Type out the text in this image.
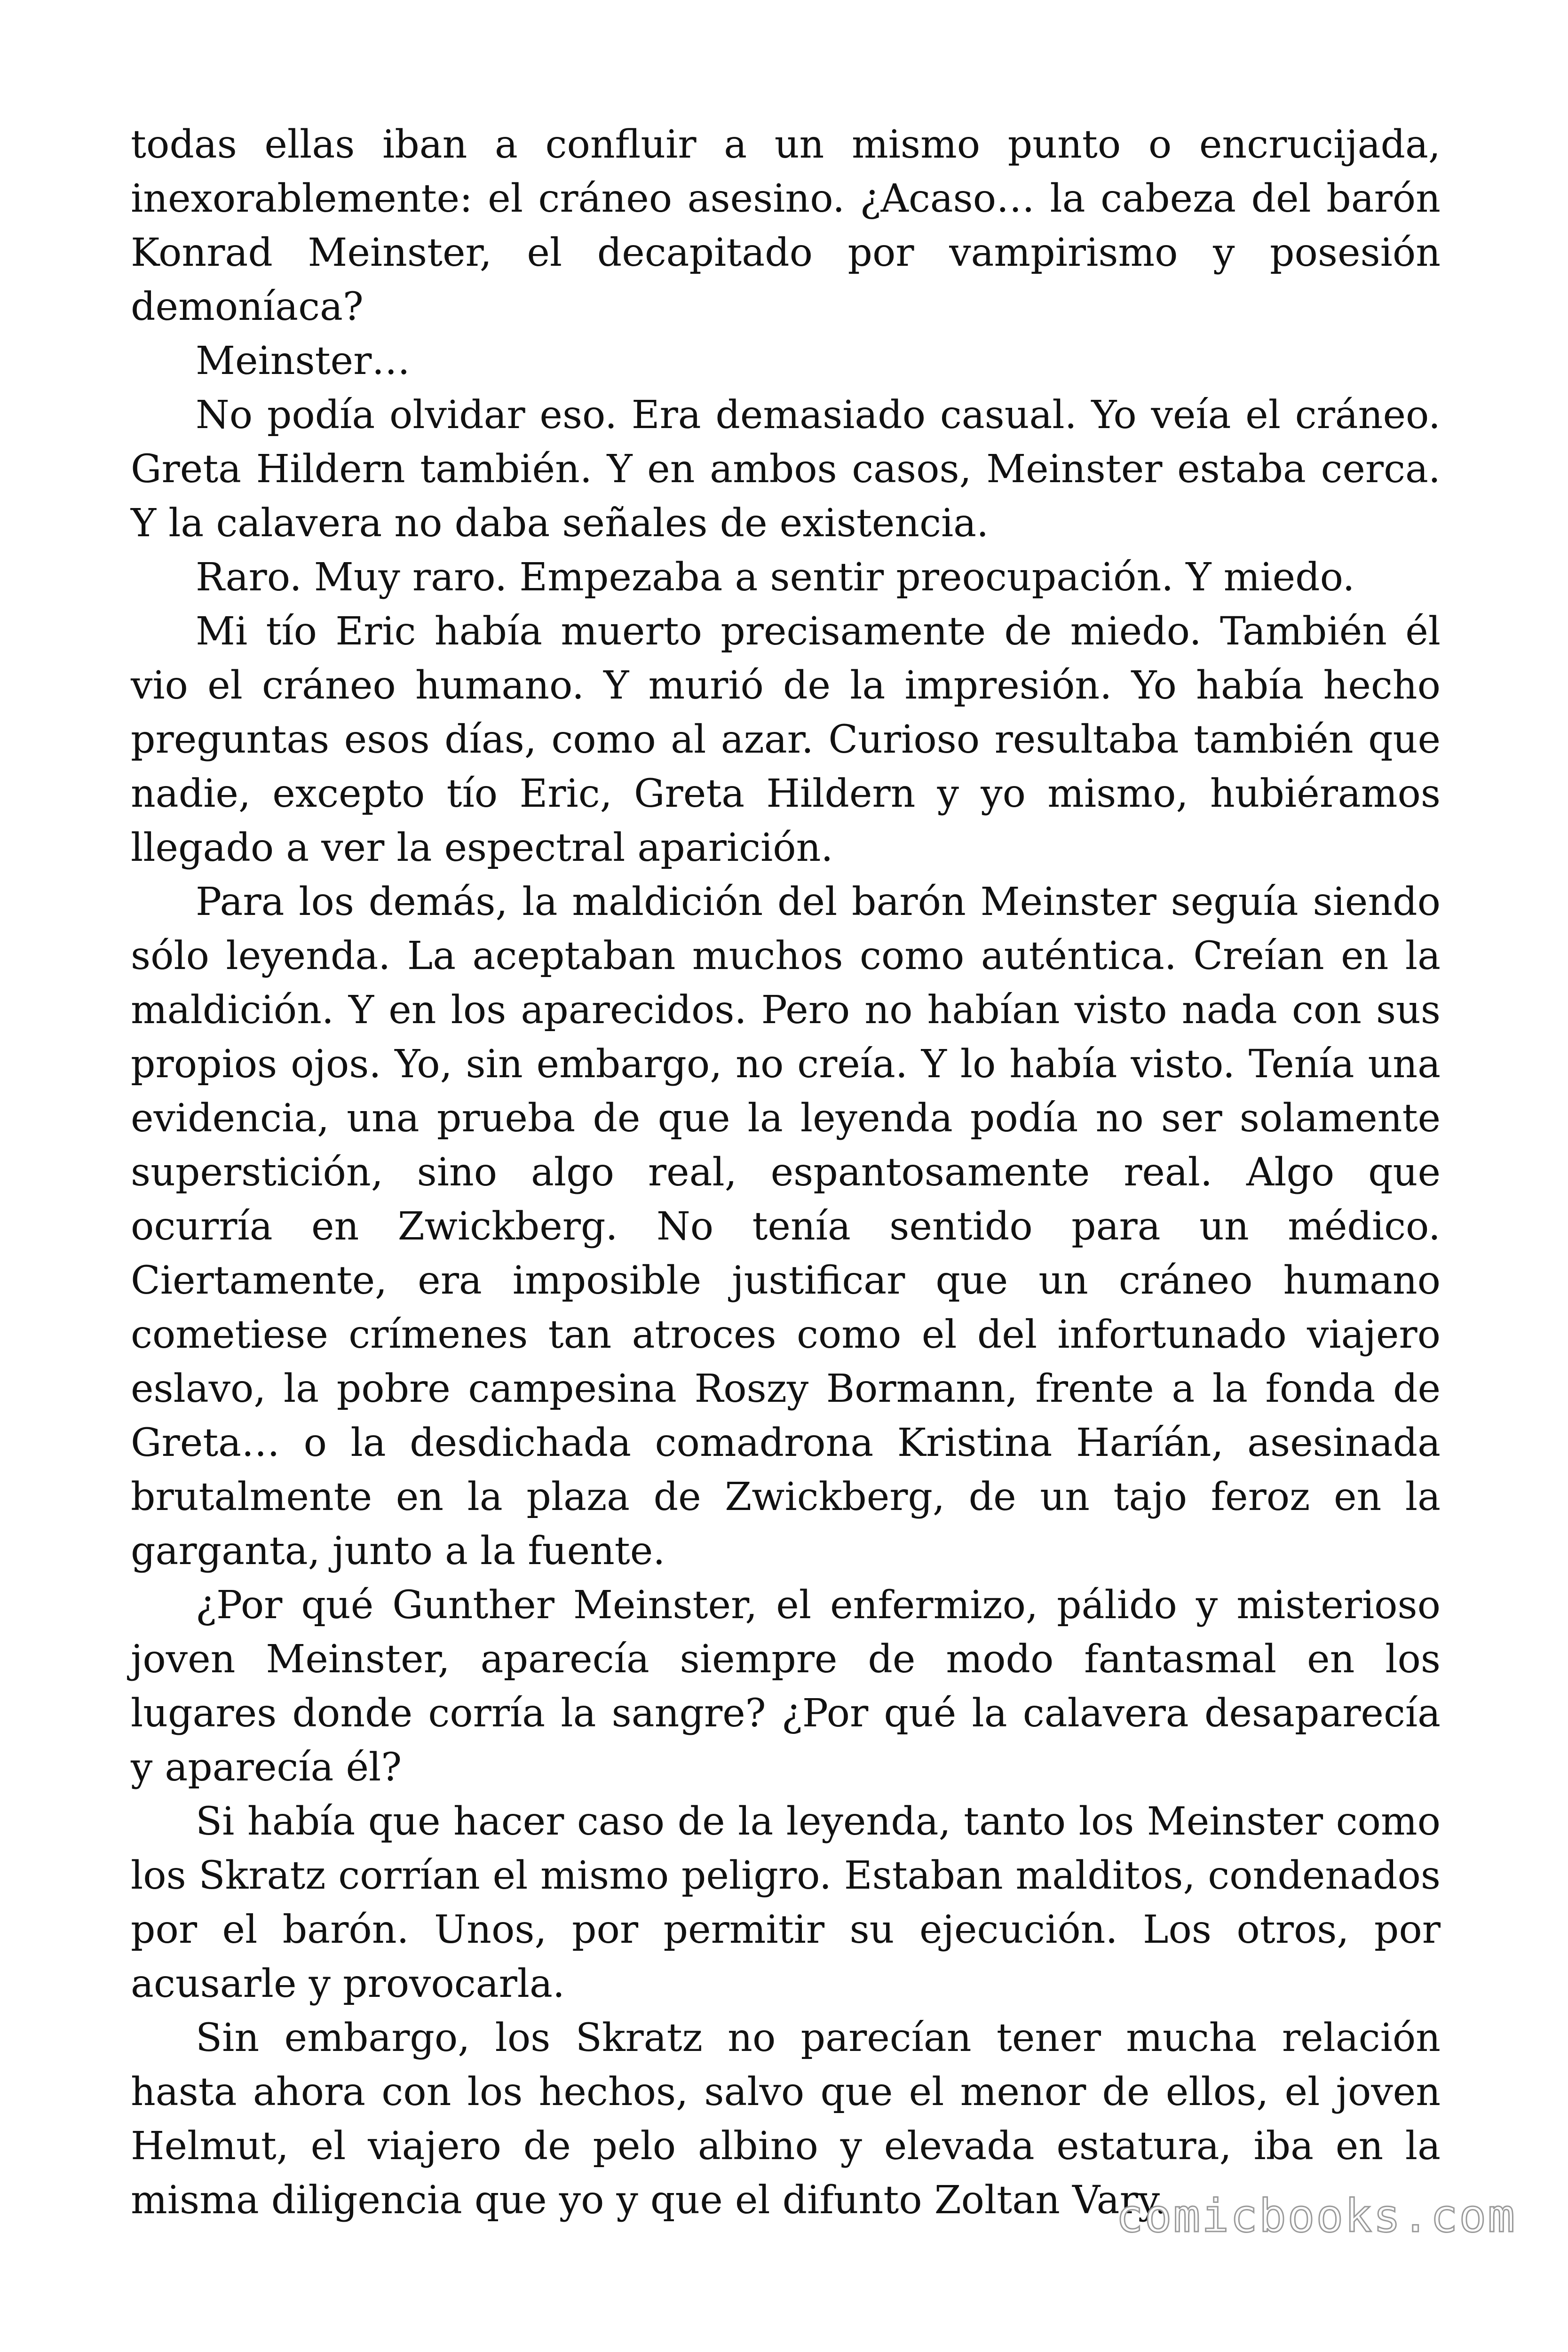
todas ellas iban a confluir a un mismo punto o encrucijada, inexorablemente: el cráneo asesino. ¿Acaso… la cabeza del barón Konrad Meinster, el decapitado por vampirismo y posesión demoníaca?

Meinster…

No podía olvidar eso. Era demasiado casual. Yo veía el cráneo. Greta Hildern también. Y en ambos casos, Meinster estaba cerca. Y la calavera no daba señales de existencia.

Raro. Muy raro. Empezaba a sentir preocupación. Y miedo.

Mi tío Eric había muerto precisamente de miedo. También él vio el cráneo humano. Y murió de la impresión. Yo había hecho preguntas esos días, como al azar. Curioso resultaba también que nadie, excepto tío Eric, Greta Hildern y yo mismo, hubiéramos llegado a ver la espectral aparición.

Para los demás, la maldición del barón Meinster seguía siendo sólo leyenda. La aceptaban muchos como auténtica. Creían en la maldición. Y en los aparecidos. Pero no habían visto nada con sus propios ojos. Yo, sin embargo, no creía. Y lo había visto. Tenía una evidencia, una prueba de que la leyenda podía no ser solamente superstición, sino algo real, espantosamente real. Algo que ocurría en Zwickberg. No tenía sentido para un médico. Ciertamente, era imposible justificar que un cráneo humano cometiese crímenes tan atroces como el del infortunado viajero eslavo, la pobre campesina Roszy Bormann, frente a la fonda de Greta… o la desdichada comadrona Kristina Haríán, asesinada brutalmente en la plaza de Zwickberg, de un tajo feroz en la garganta, junto a la fuente.

¿Por qué Gunther Meinster, el enfermizo, pálido y misterioso joven Meinster, aparecía siempre de modo fantasmal en los lugares donde corría la sangre? ¿Por qué la calavera desaparecía y aparecía él?

Si había que hacer caso de la leyenda, tanto los Meinster como los Skratz corrían el mismo peligro. Estaban malditos, condenados por el barón. Unos, por permitir su ejecución. Los otros, por acusarle y provocarla.

Sin embargo, los Skratz no parecían tener mucha relación hasta ahora con los hechos, salvo que el menor de ellos, el joven Helmut, el viajero de pelo albino y elevada estatura, iba en la misma diligencia que yo y que el difunto Zoltan Vary.

comicbooks.com
